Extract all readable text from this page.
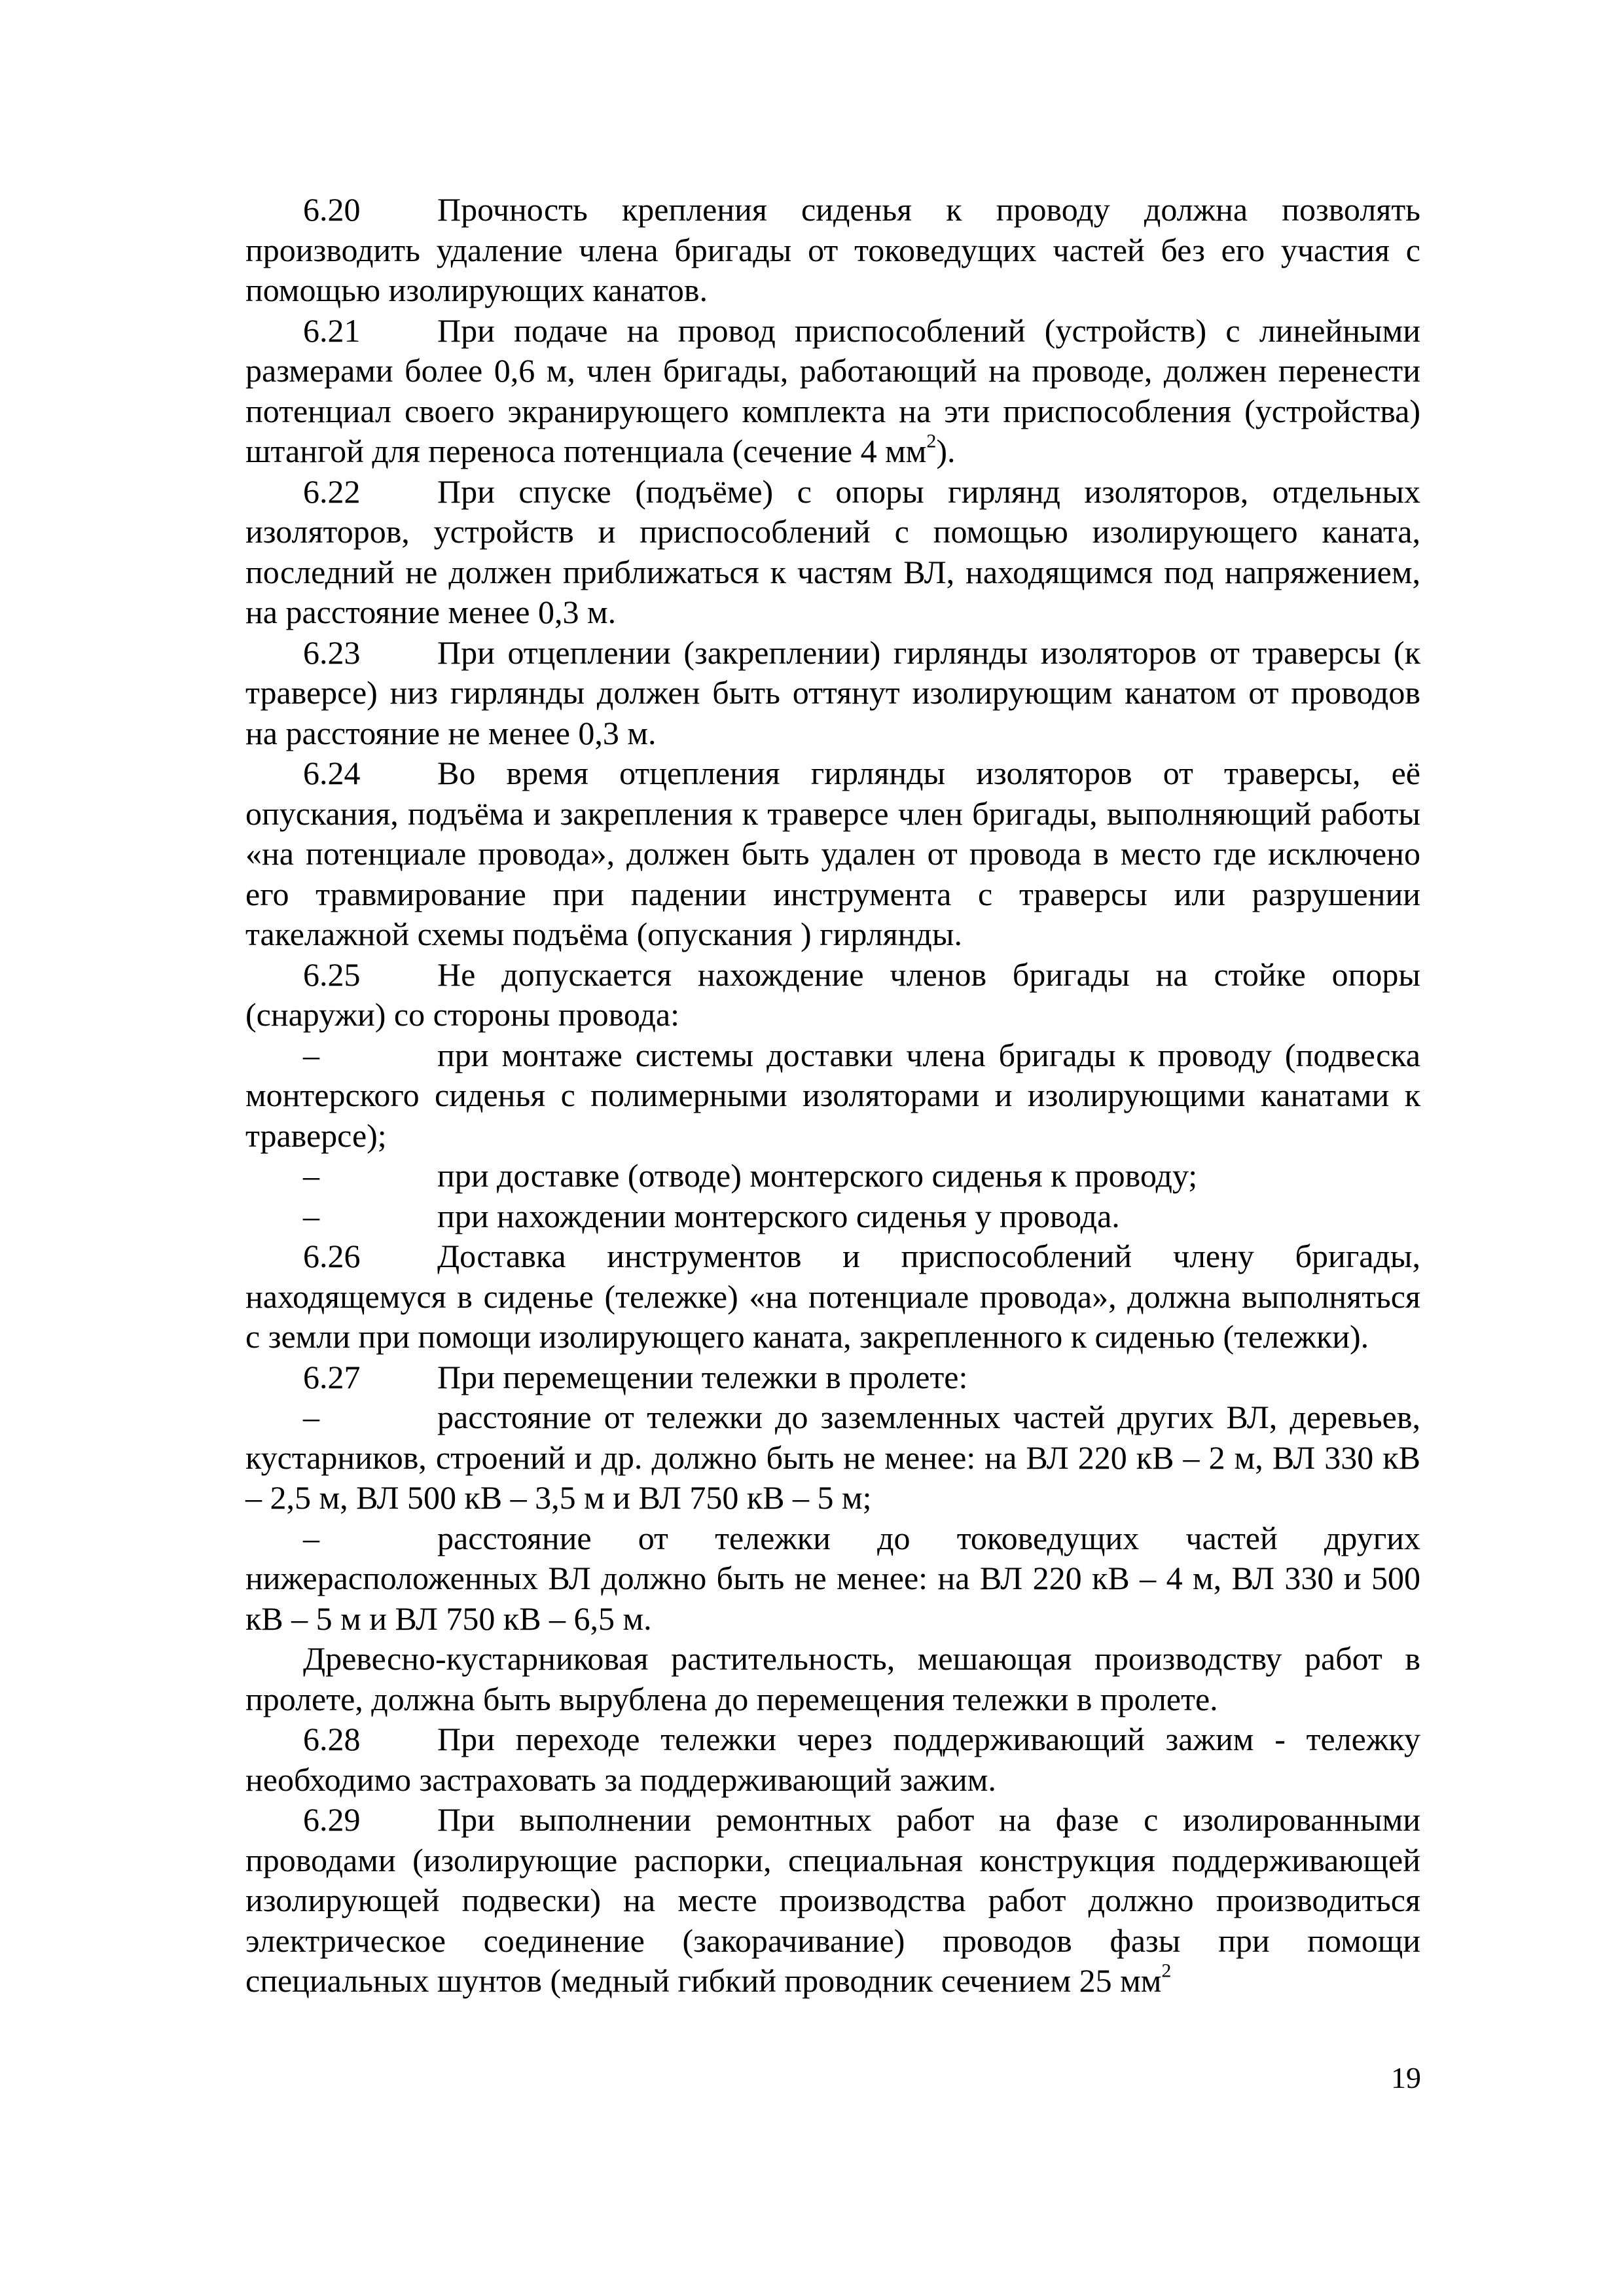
6.20 Прочность крепления сиденья к проводу должна позволять производить удаление члена бригады от токоведущих частей без его участия с помощью изолирующих канатов.

6.21 При подаче на провод приспособлений (устройств) с линейными размерами более 0,6 м, член бригады, работающий на проводе, должен перенести потенциал своего экранирующего комплекта на эти приспособления (устройства) штангой для переноса потенциала (сечение 4 $мм^2$).

6.22 При спуске (подъёме) с опоры гирлянд изоляторов, отдельных изоляторов, устройств и приспособлений с помощью изолирующего каната, последний не должен приближаться к частям ВЛ, находящимся под напряжением, на расстояние менее 0,3 м.

6.23 При отцеплении (закреплении) гирлянды изоляторов от траверсы (к траверсе) низ гирлянды должен быть оттянут изолирующим канатом от проводов на расстояние не менее 0,3 м.

6.24 Во время отцепления гирлянды изоляторов от траверсы, её опускания, подъёма и закрепления к траверсе член бригады, выполняющий работы «на потенциале провода», должен быть удален от провода в место где исключено его травмирование при падении инструмента с траверсы или разрушении такелажной схемы подъёма (опускания ) гирлянды.

6.25 Не допускается нахождение членов бригады на стойке опоры (снаружи) со стороны провода:

–	при монтаже системы доставки члена бригады к проводу (подвеска монтерского сиденья с полимерными изоляторами и изолирующими канатами к траверсе);

–	при доставке (отводе) монтерского сиденья к проводу;

–	при нахождении монтерского сиденья у провода.

6.26 Доставка инструментов и приспособлений члену бригады, находящемуся в сиденье (тележке) «на потенциале провода», должна выполняться с земли при помощи изолирующего каната, закрепленного к сиденью (тележки).

6.27 При перемещении тележки в пролете:

–	расстояние от тележки до заземленных частей других ВЛ, деревьев, кустарников, строений и др. должно быть не менее: на ВЛ 220 кВ – 2 м, ВЛ 330 кВ – 2,5 м, ВЛ 500 кВ – 3,5 м и ВЛ 750 кВ – 5 м;

–	расстояние от тележки до токоведущих частей других нижерасположенных ВЛ должно быть не менее: на ВЛ 220 кВ – 4 м, ВЛ 330 и 500 кВ – 5 м и ВЛ 750 кВ – 6,5 м.

Древесно-кустарниковая растительность, мешающая производству работ в пролете, должна быть вырублена до перемещения тележки в пролете.

6.28 При переходе тележки через поддерживающий зажим - тележку необходимо застраховать за поддерживающий зажим.

6.29 При выполнении ремонтных работ на фазе с изолированными проводами (изолирующие распорки, специальная конструкция поддерживающей изолирующей подвески) на месте производства работ должно производиться электрическое соединение (закорачивание) проводов фазы при помощи специальных шунтов (медный гибкий проводник сечением 25 $мм^2$

19
